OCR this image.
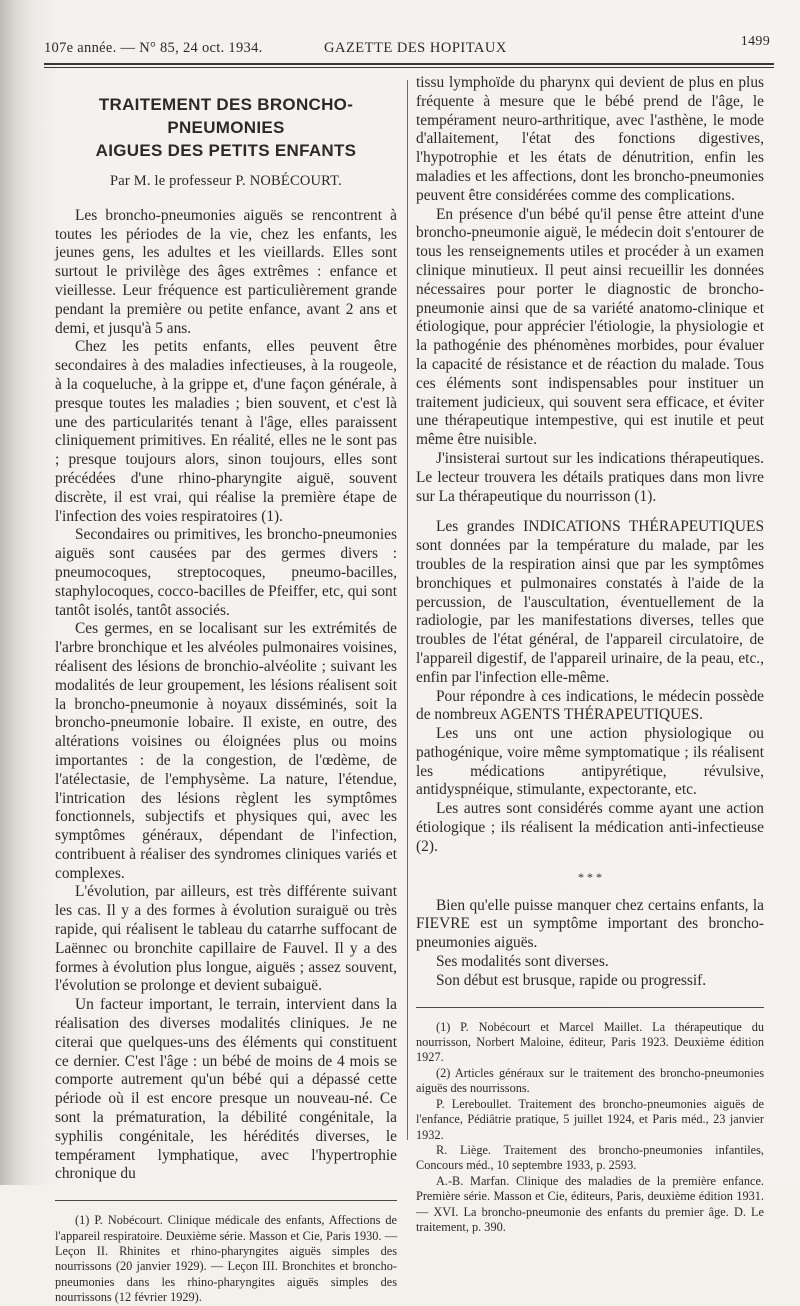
107e année. — N° 85, 24 oct. 1934.	GAZETTE DES HOPITAUX	1499
TRAITEMENT DES BRONCHO-PNEUMONIES
AIGUES DES PETITS ENFANTS
Par M. le professeur P. NOBÉCOURT.

Les broncho-pneumonies aiguës se rencontrent à toutes les périodes de la vie, chez les enfants, les jeunes gens, les adultes et les vieillards. Elles sont surtout le privilège des âges extrêmes : enfance et vieillesse. Leur fréquence est particulièrement grande pendant la première ou petite enfance, avant 2 ans et demi, et jusqu'à 5 ans.

Chez les petits enfants, elles peuvent être secondaires à des maladies infectieuses, à la rougeole, à la coqueluche, à la grippe et, d'une façon générale, à presque toutes les maladies ; bien souvent, et c'est là une des particularités tenant à l'âge, elles paraissent cliniquement primitives. En réalité, elles ne le sont pas ; presque toujours alors, sinon toujours, elles sont précédées d'une rhino-pharyngite aiguë, souvent discrète, il est vrai, qui réalise la première étape de l'infection des voies respiratoires (1).

Secondaires ou primitives, les broncho-pneumonies aiguës sont causées par des germes divers : pneumocoques, streptocoques, pneumo-bacilles, staphylocoques, cocco-bacilles de Pfeiffer, etc, qui sont tantôt isolés, tantôt associés.

Ces germes, en se localisant sur les extrémités de l'arbre bronchique et les alvéoles pulmonaires voisines, réalisent des lésions de bronchio-alvéolite ; suivant les modalités de leur groupement, les lésions réalisent soit la broncho-pneumonie à noyaux disséminés, soit la broncho-pneumonie lobaire. Il existe, en outre, des altérations voisines ou éloignées plus ou moins importantes : de la congestion, de l'œdème, de l'atélectasie, de l'emphysème. La nature, l'étendue, l'intrication des lésions règlent les symptômes fonctionnels, subjectifs et physiques qui, avec les symptômes généraux, dépendant de l'infection, contribuent à réaliser des syndromes cliniques variés et complexes.

L'évolution, par ailleurs, est très différente suivant les cas. Il y a des formes à évolution suraiguë ou très rapide, qui réalisent le tableau du catarrhe suffocant de Laënnec ou bronchite capillaire de Fauvel. Il y a des formes à évolution plus longue, aiguës ; assez souvent, l'évolution se prolonge et devient subaiguë.

Un facteur important, le terrain, intervient dans la réalisation des diverses modalités cliniques. Je ne citerai que quelques-uns des éléments qui constituent ce dernier. C'est l'âge : un bébé de moins de 4 mois se comporte autrement qu'un bébé qui a dépassé cette période où il est encore presque un nouveau-né. Ce sont la prématuration, la débilité congénitale, la syphilis congénitale, les hérédités diverses, le tempérament lymphatique, avec l'hypertrophie chronique du

(1) P. Nobécourt. Clinique médicale des enfants, Affections de l'appareil respiratoire. Deuxième série. Masson et Cie, Paris 1930. — Leçon II. Rhinites et rhino-pharyngites aiguës simples des nourrissons (20 janvier 1929). — Leçon III. Bronchites et broncho-pneumonies dans les rhino-pharyngites aiguës simples des nourrissons (12 février 1929).

tissu lymphoïde du pharynx qui devient de plus en plus fréquente à mesure que le bébé prend de l'âge, le tempérament neuro-arthritique, avec l'asthène, le mode d'allaitement, l'état des fonctions digestives, l'hypotrophie et les états de dénutrition, enfin les maladies et les affections, dont les broncho-pneumonies peuvent être considérées comme des complications.

En présence d'un bébé qu'il pense être atteint d'une broncho-pneumonie aiguë, le médecin doit s'entourer de tous les renseignements utiles et procéder à un examen clinique minutieux. Il peut ainsi recueillir les données nécessaires pour porter le diagnostic de broncho-pneumonie ainsi que de sa variété anatomo-clinique et étiologique, pour apprécier l'étiologie, la physiologie et la pathogénie des phénomènes morbides, pour évaluer la capacité de résistance et de réaction du malade. Tous ces éléments sont indispensables pour instituer un traitement judicieux, qui souvent sera efficace, et éviter une thérapeutique intempestive, qui est inutile et peut même être nuisible.

J'insisterai surtout sur les indications thérapeutiques. Le lecteur trouvera les détails pratiques dans mon livre sur La thérapeutique du nourrisson (1).

Les grandes INDICATIONS THÉRAPEUTIQUES sont données par la température du malade, par les troubles de la respiration ainsi que par les symptômes bronchiques et pulmonaires constatés à l'aide de la percussion, de l'auscultation, éventuellement de la radiologie, par les manifestations diverses, telles que troubles de l'état général, de l'appareil circulatoire, de l'appareil digestif, de l'appareil urinaire, de la peau, etc., enfin par l'infection elle-même.

Pour répondre à ces indications, le médecin possède de nombreux AGENTS THÉRAPEUTIQUES.

Les uns ont une action physiologique ou pathogénique, voire même symptomatique ; ils réalisent les médications antipyrétique, révulsive, antidyspnéique, stimulante, expectorante, etc.

Les autres sont considérés comme ayant une action étiologique ; ils réalisent la médication anti-infectieuse (2).

* * *

Bien qu'elle puisse manquer chez certains enfants, la FIEVRE est un symptôme important des broncho-pneumonies aiguës.

Ses modalités sont diverses.

Son début est brusque, rapide ou progressif.

(1) P. Nobécourt et Marcel Maillet. La thérapeutique du nourrisson, Norbert Maloine, éditeur, Paris 1923. Deuxième édition 1927.

(2) Articles généraux sur le traitement des broncho-pneumonies aiguës des nourrissons.

P. Lereboullet. Traitement des broncho-pneumonies aiguës de l'enfance, Pédiâtrie pratique, 5 juillet 1924, et Paris méd., 23 janvier 1932.

R. Liège. Traitement des broncho-pneumonies infantiles, Concours méd., 10 septembre 1933, p. 2593.

A.-B. Marfan. Clinique des maladies de la première enfance. Première série. Masson et Cie, éditeurs, Paris, deuxième édition 1931. — XVI. La broncho-pneumonie des enfants du premier âge. D. Le traitement, p. 390.
